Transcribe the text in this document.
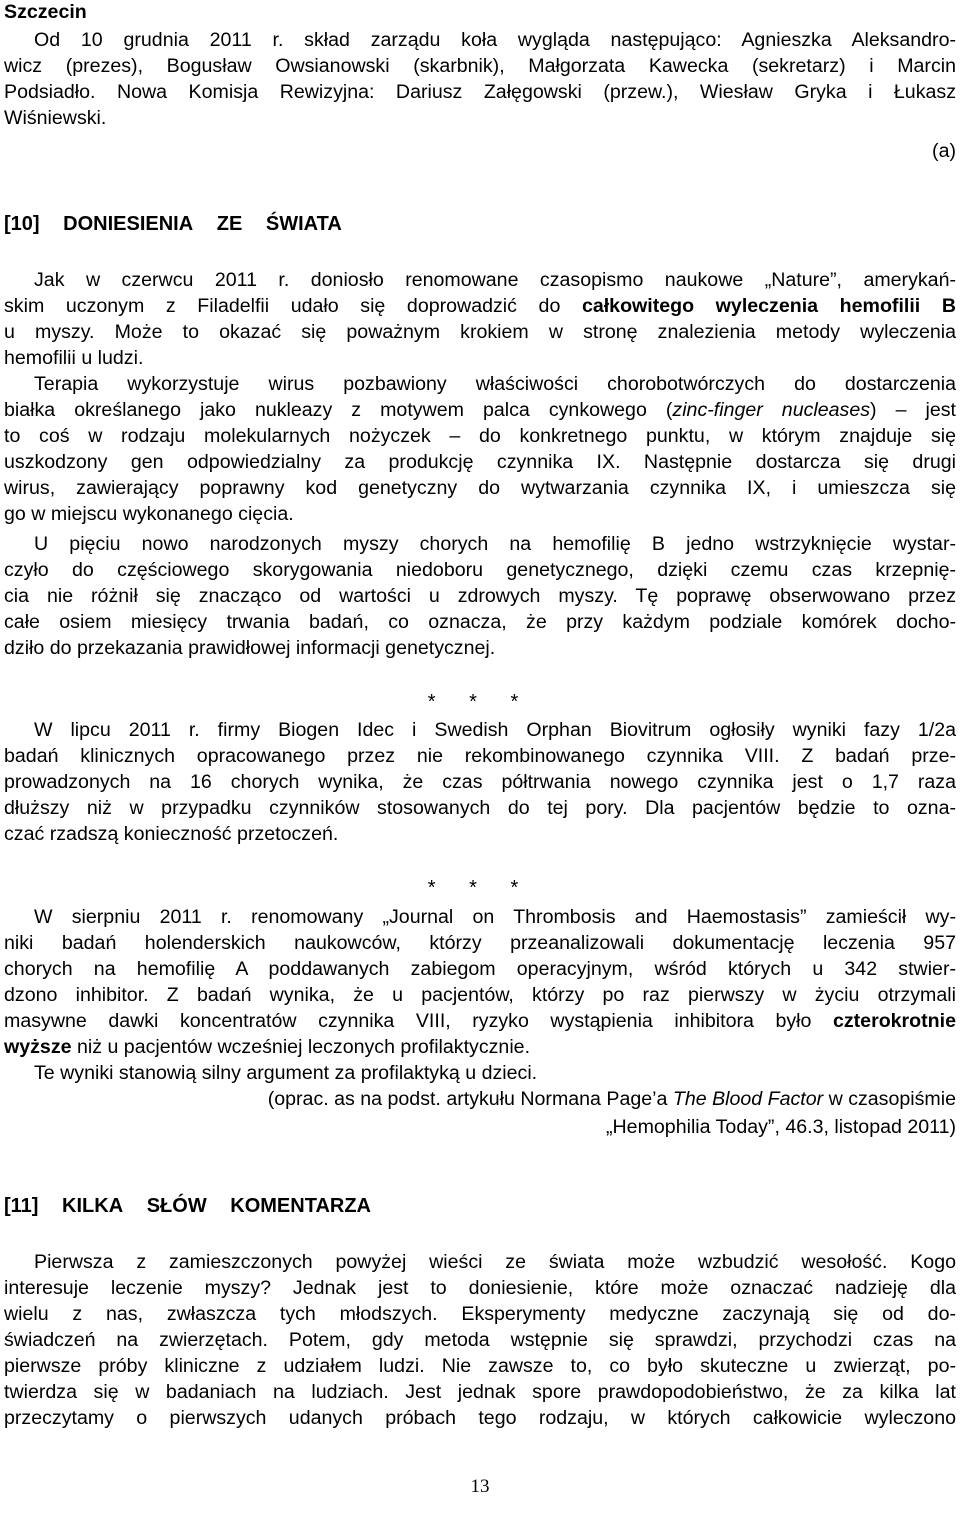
Szczecin
Od 10 grudnia 2011 r. skład zarządu koła wygląda następująco: Agnieszka Aleksandro-
wicz (prezes), Bogusław Owsianowski (skarbnik), Małgorzata Kawecka (sekretarz) i Marcin
Podsiadło. Nowa Komisja Rewizyjna: Dariusz Załęgowski (przew.), Wiesław Gryka i Łukasz
Wiśniewski.
(a)
[10] DONIESIENIA ZE ŚWIATA
Jak w czerwcu 2011 r. doniosło renomowane czasopismo naukowe „Nature”, amerykań-
skim uczonym z Filadelfii udało się doprowadzić do całkowitego wyleczenia hemofilii B
u myszy. Może to okazać się poważnym krokiem w stronę znalezienia metody wyleczenia
hemofilii u ludzi.
Terapia wykorzystuje wirus pozbawiony właściwości chorobotwórczych do dostarczenia
białka określanego jako nukleazy z motywem palca cynkowego (zinc-finger nucleases) – jest
to coś w rodzaju molekularnych nożyczek – do konkretnego punktu, w którym znajduje się
uszkodzony gen odpowiedzialny za produkcję czynnika IX. Następnie dostarcza się drugi
wirus, zawierający poprawny kod genetyczny do wytwarzania czynnika IX, i umieszcza się
go w miejscu wykonanego cięcia.
U pięciu nowo narodzonych myszy chorych na hemofilię B jedno wstrzyknięcie wystar-
czyło do częściowego skorygowania niedoboru genetycznego, dzięki czemu czas krzepnię-
cia nie różnił się znacząco od wartości u zdrowych myszy. Tę poprawę obserwowano przez
całe osiem miesięcy trwania badań, co oznacza, że przy każdym podziale komórek docho-
dziło do przekazania prawidłowej informacji genetycznej.
* * *
W lipcu 2011 r. firmy Biogen Idec i Swedish Orphan Biovitrum ogłosiły wyniki fazy 1/2a
badań klinicznych opracowanego przez nie rekombinowanego czynnika VIII. Z badań prze-
prowadzonych na 16 chorych wynika, że czas półtrwania nowego czynnika jest o 1,7 raza
dłuższy niż w przypadku czynników stosowanych do tej pory. Dla pacjentów będzie to ozna-
czać rzadszą konieczność przetoczeń.
* * *
W sierpniu 2011 r. renomowany „Journal on Thrombosis and Haemostasis” zamieścił wy-
niki badań holenderskich naukowców, którzy przeanalizowali dokumentację leczenia 957
chorych na hemofilię A poddawanych zabiegom operacyjnym, wśród których u 342 stwier-
dzono inhibitor. Z badań wynika, że u pacjentów, którzy po raz pierwszy w życiu otrzymali
masywne dawki koncentratów czynnika VIII, ryzyko wystąpienia inhibitora było czterokrotnie
wyższe niż u pacjentów wcześniej leczonych profilaktycznie.
Te wyniki stanowią silny argument za profilaktyką u dzieci.
(oprac. as na podst. artykułu Normana Page’a The Blood Factor w czasopiśmie
„Hemophilia Today”, 46.3, listopad 2011)
[11] KILKA SŁÓW KOMENTARZA
Pierwsza z zamieszczonych powyżej wieści ze świata może wzbudzić wesołość. Kogo
interesuje leczenie myszy? Jednak jest to doniesienie, które może oznaczać nadzieję dla
wielu z nas, zwłaszcza tych młodszych. Eksperymenty medyczne zaczynają się od do-
świadczeń na zwierzętach. Potem, gdy metoda wstępnie się sprawdzi, przychodzi czas na
pierwsze próby kliniczne z udziałem ludzi. Nie zawsze to, co było skuteczne u zwierząt, po-
twierdza się w badaniach na ludziach. Jest jednak spore prawdopodobieństwo, że za kilka lat
przeczytamy o pierwszych udanych próbach tego rodzaju, w których całkowicie wyleczono
13
